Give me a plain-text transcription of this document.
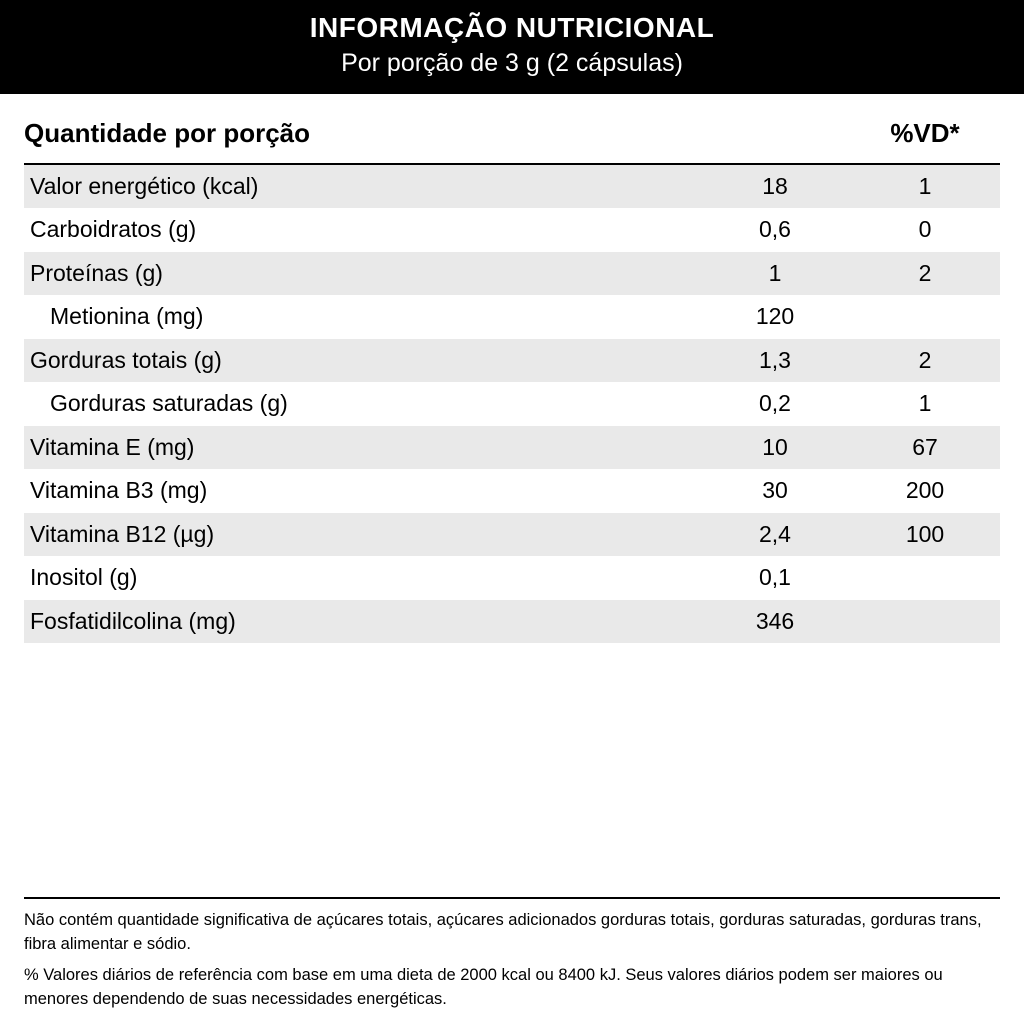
INFORMAÇÃO NUTRICIONAL
Por porção de 3 g (2 cápsulas)
Quantidade por porção	%VD*
Valor energético (kcal)	18	1
Carboidratos (g)	0,6	0
Proteínas (g)	1	2
Metionina (mg)	120
Gorduras totais (g)	1,3	2
Gorduras saturadas (g)	0,2	1
Vitamina E (mg)	10	67
Vitamina B3 (mg)	30	200
Vitamina B12 (µg)	2,4	100
Inositol (g)	0,1
Fosfatidilcolina (mg)	346
Não contém quantidade significativa de açúcares totais, açúcares adicionados gorduras totais, gorduras saturadas, gorduras trans, fibra alimentar e sódio.
% Valores diários de referência com base em uma dieta de 2000 kcal ou 8400 kJ. Seus valores diários podem ser maiores ou menores dependendo de suas necessidades energéticas.
